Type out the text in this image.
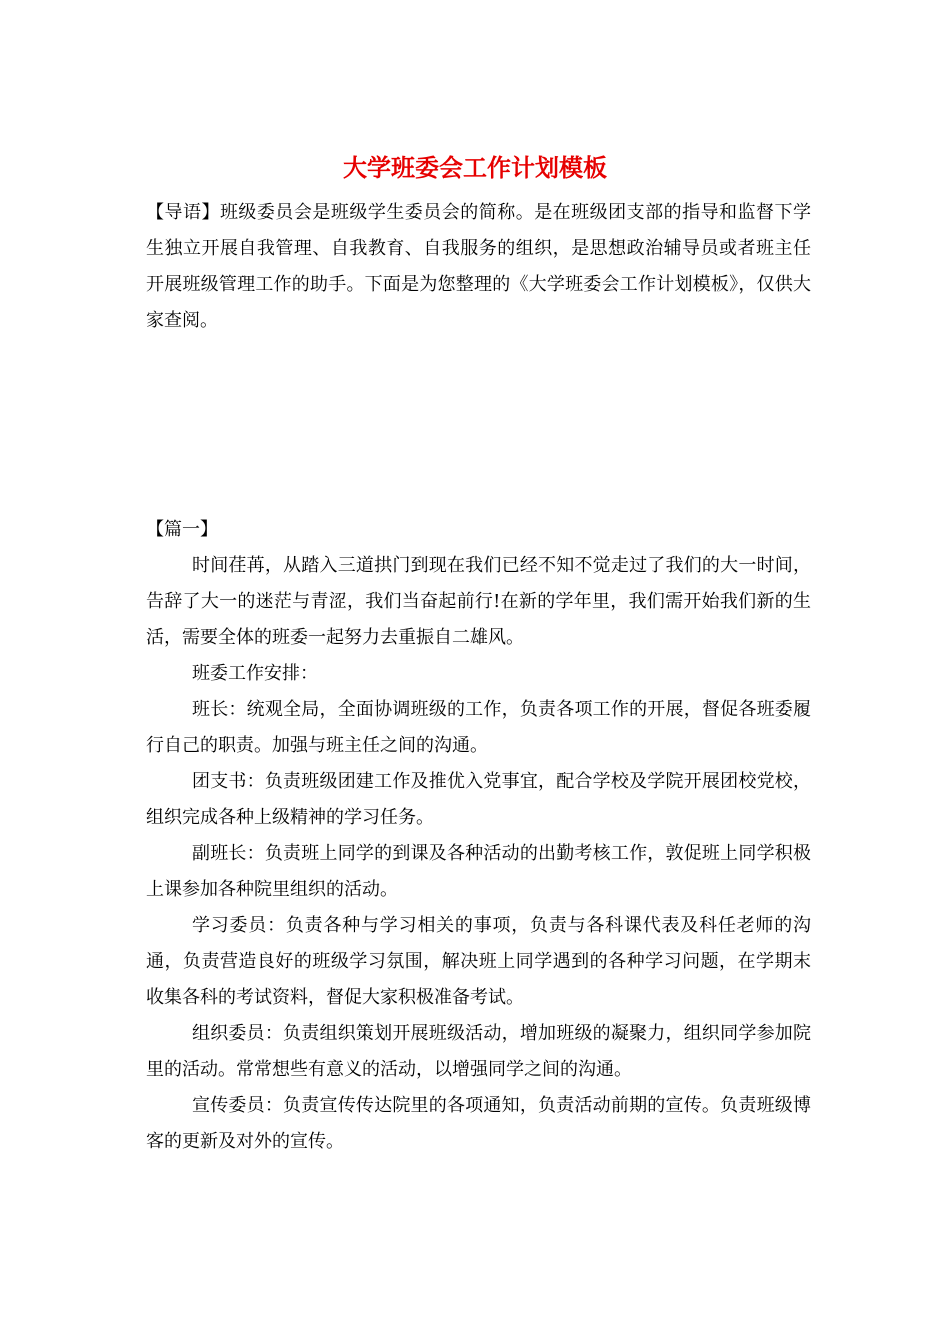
大学班委会工作计划模板

【导语】班级委员会是班级学生委员会的简称。是在班级团支部的指导和监督下学生独立开展自我管理、自我教育、自我服务的组织，是思想政治辅导员或者班主任开展班级管理工作的助手。下面是为您整理的《大学班委会工作计划模板》，仅供大家查阅。

【篇一】

时间荏苒，从踏入三道拱门到现在我们已经不知不觉走过了我们的大一时间，告辞了大一的迷茫与青涩，我们当奋起前行!在新的学年里，我们需开始我们新的生活，需要全体的班委一起努力去重振自二雄风。

班委工作安排：

班长：统观全局，全面协调班级的工作，负责各项工作的开展，督促各班委履行自己的职责。加强与班主任之间的沟通。

团支书：负责班级团建工作及推优入党事宜，配合学校及学院开展团校党校，组织完成各种上级精神的学习任务。

副班长：负责班上同学的到课及各种活动的出勤考核工作，敦促班上同学积极上课参加各种院里组织的活动。

学习委员：负责各种与学习相关的事项，负责与各科课代表及科任老师的沟通，负责营造良好的班级学习氛围，解决班上同学遇到的各种学习问题，在学期末收集各科的考试资料，督促大家积极准备考试。

组织委员：负责组织策划开展班级活动，增加班级的凝聚力，组织同学参加院里的活动。常常想些有意义的活动，以增强同学之间的沟通。

宣传委员：负责宣传传达院里的各项通知，负责活动前期的宣传。负责班级博客的更新及对外的宣传。
